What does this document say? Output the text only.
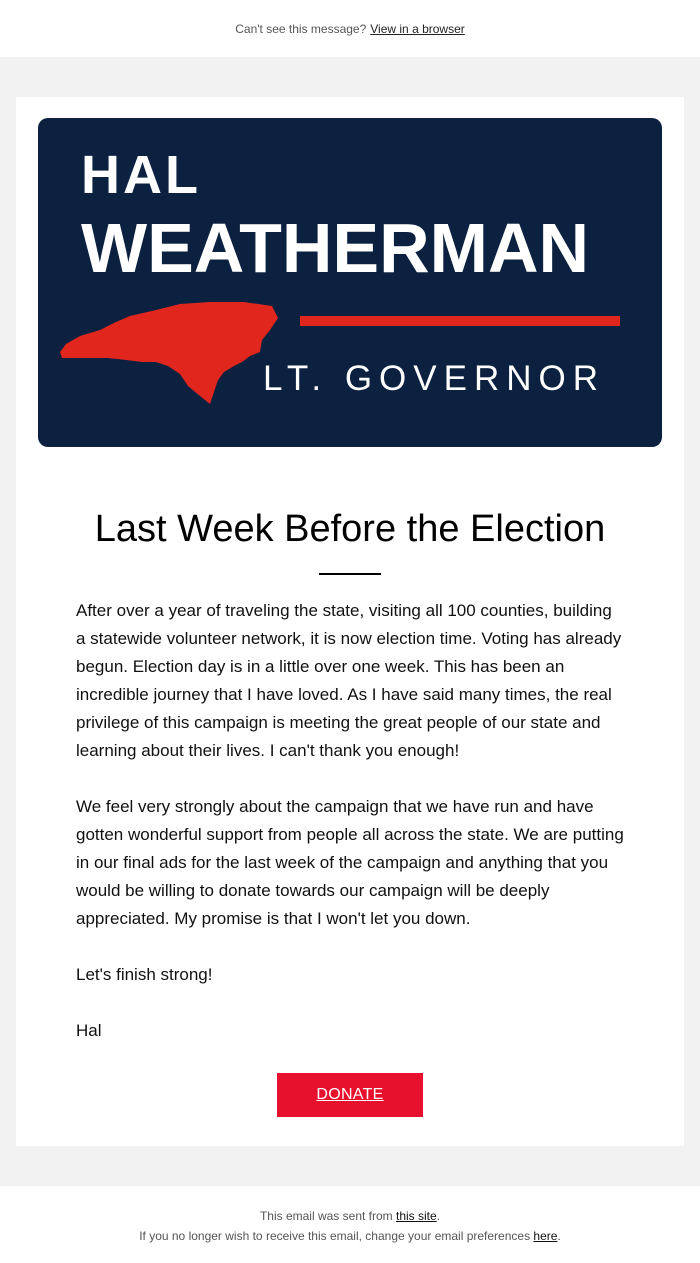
Can't see this message? View in a browser
HAL
WEATHERMAN
LT. GOVERNOR
Last Week Before the Election

After over a year of traveling the state, visiting all 100 counties, building a statewide volunteer network, it is now election time. Voting has already begun. Election day is in a little over one week. This has been an incredible journey that I have loved. As I have said many times, the real privilege of this campaign is meeting the great people of our state and learning about their lives. I can't thank you enough!

We feel very strongly about the campaign that we have run and have gotten wonderful support from people all across the state. We are putting in our final ads for the last week of the campaign and anything that you would be willing to donate towards our campaign will be deeply appreciated. My promise is that I won't let you down.

Let's finish strong!

Hal

DONATE
This email was sent from this site.
If you no longer wish to receive this email, change your email preferences here.
